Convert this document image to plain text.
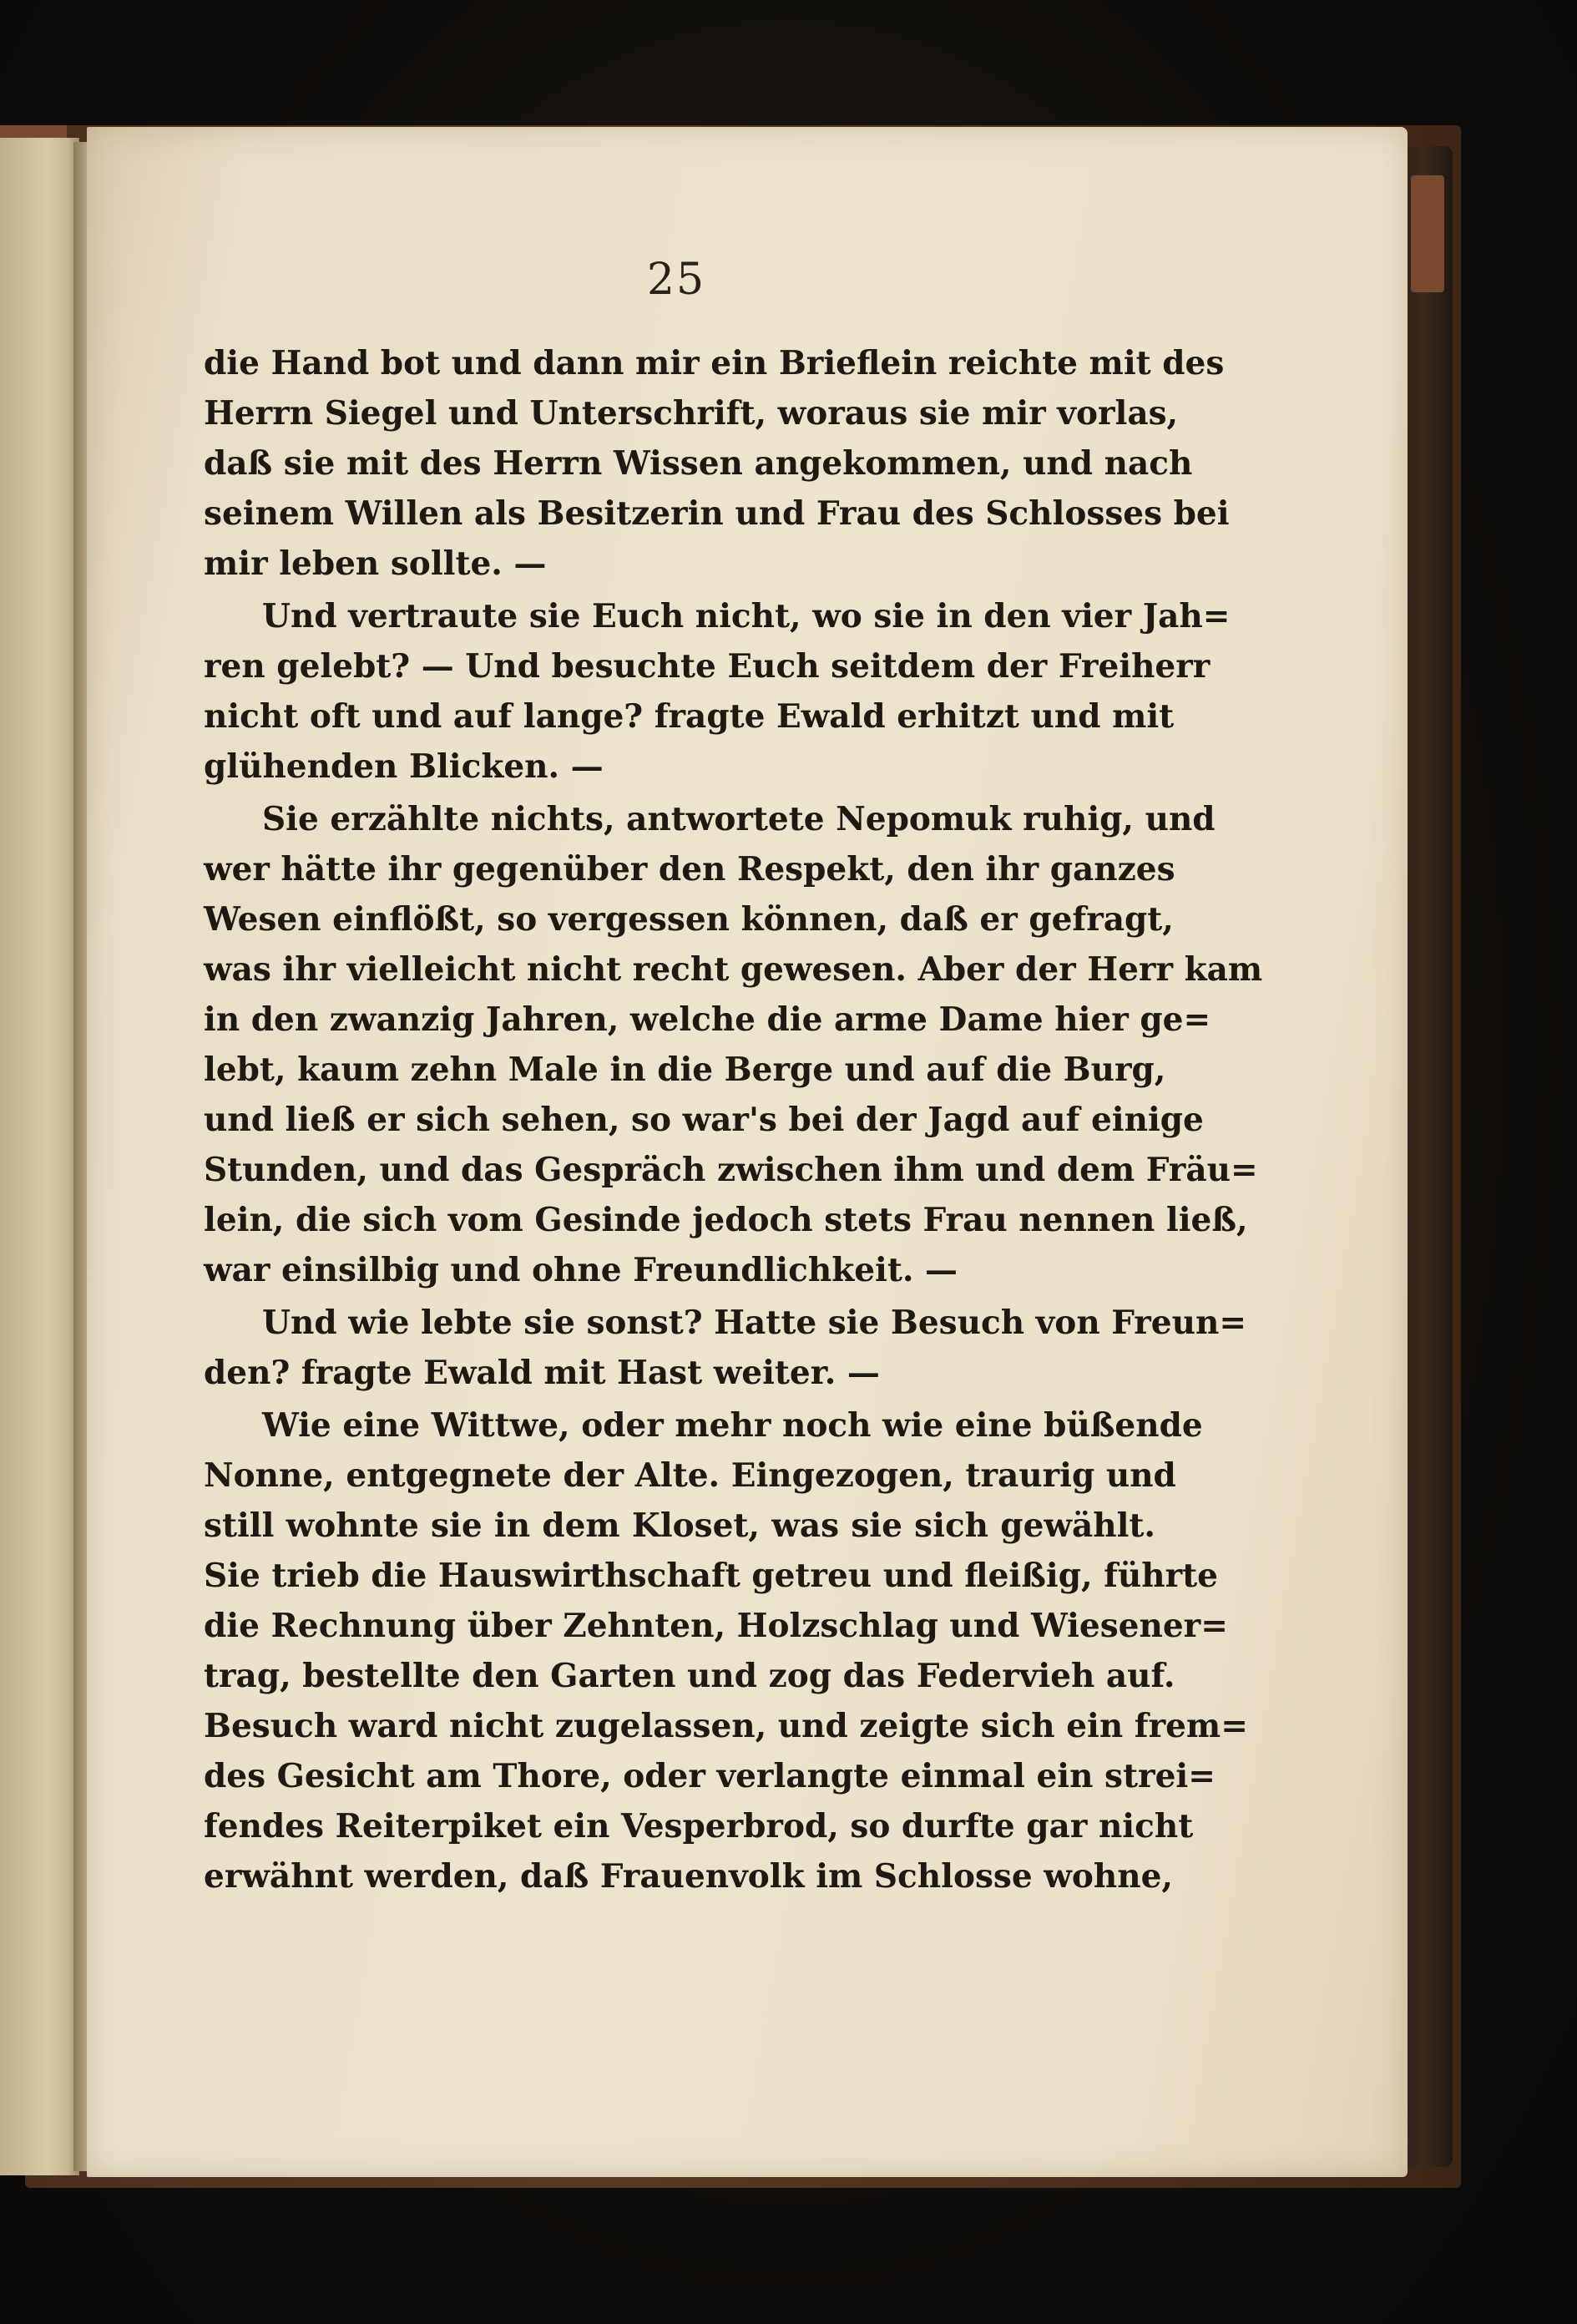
25
die Hand bot und dann mir ein Brieflein reichte mit des
Herrn Siegel und Unterschrift, woraus sie mir vorlas,
daß sie mit des Herrn Wissen angekommen, und nach
seinem Willen als Besitzerin und Frau des Schlosses bei
mir leben sollte. —
Und vertraute sie Euch nicht, wo sie in den vier Jah=
ren gelebt? — Und besuchte Euch seitdem der Freiherr
nicht oft und auf lange? fragte Ewald erhitzt und mit
glühenden Blicken. —
Sie erzählte nichts, antwortete Nepomuk ruhig, und
wer hätte ihr gegenüber den Respekt, den ihr ganzes
Wesen einflößt, so vergessen können, daß er gefragt,
was ihr vielleicht nicht recht gewesen. Aber der Herr kam
in den zwanzig Jahren, welche die arme Dame hier ge=
lebt, kaum zehn Male in die Berge und auf die Burg,
und ließ er sich sehen, so war's bei der Jagd auf einige
Stunden, und das Gespräch zwischen ihm und dem Fräu=
lein, die sich vom Gesinde jedoch stets Frau nennen ließ,
war einsilbig und ohne Freundlichkeit. —
Und wie lebte sie sonst? Hatte sie Besuch von Freun=
den? fragte Ewald mit Hast weiter. —
Wie eine Wittwe, oder mehr noch wie eine büßende
Nonne, entgegnete der Alte. Eingezogen, traurig und
still wohnte sie in dem Kloset, was sie sich gewählt.
Sie trieb die Hauswirthschaft getreu und fleißig, führte
die Rechnung über Zehnten, Holzschlag und Wiesener=
trag, bestellte den Garten und zog das Federvieh auf.
Besuch ward nicht zugelassen, und zeigte sich ein frem=
des Gesicht am Thore, oder verlangte einmal ein strei=
fendes Reiterpiket ein Vesperbrod, so durfte gar nicht
erwähnt werden, daß Frauenvolk im Schlosse wohne,
